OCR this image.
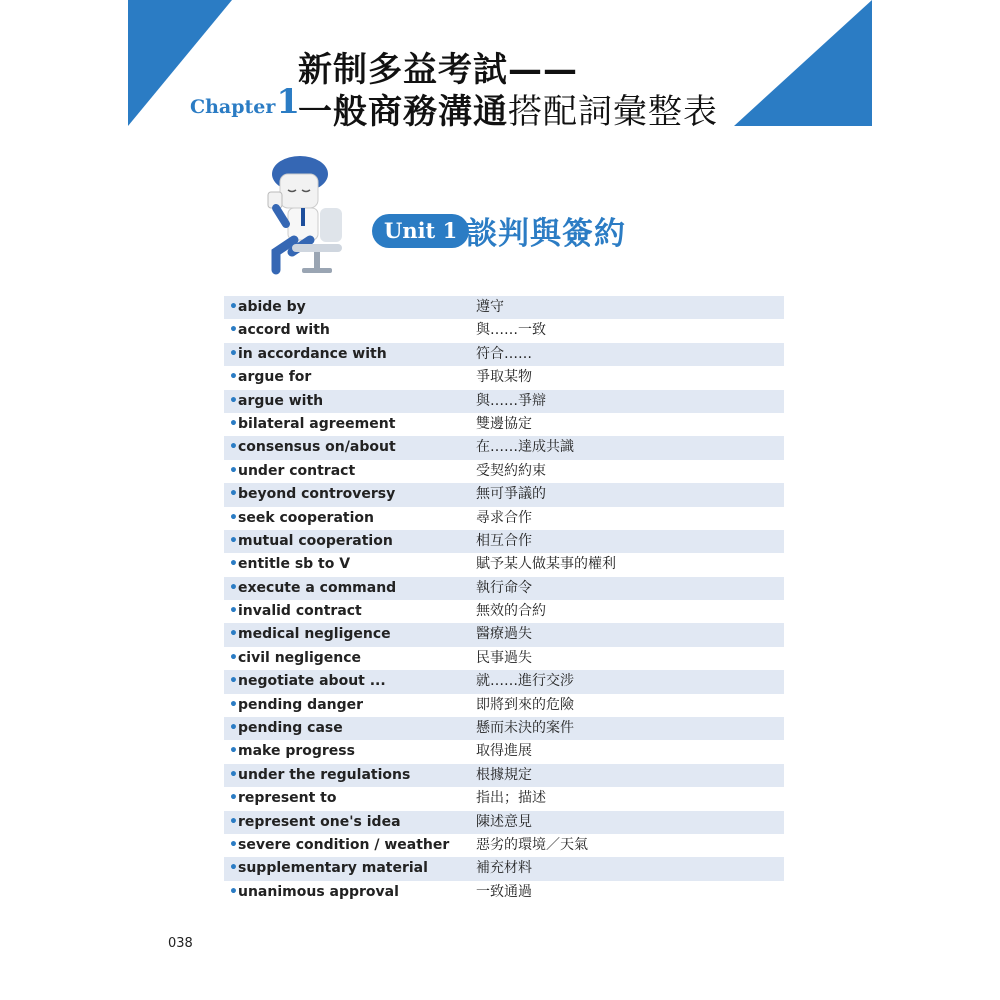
Chapter1
新制多益考試——
一般商務溝通搭配詞彙整表
Unit 1 談判與簽約
• abide by	遵守
• accord with	與……一致
• in accordance with	符合……
• argue for	爭取某物
• argue with	與……爭辯
• bilateral agreement	雙邊協定
• consensus on/about	在……達成共識
• under contract	受契約約束
• beyond controversy	無可爭議的
• seek cooperation	尋求合作
• mutual cooperation	相互合作
• entitle sb to V	賦予某人做某事的權利
• execute a command	執行命令
• invalid contract	無效的合約
• medical negligence	醫療過失
• civil negligence	民事過失
• negotiate about ...	就……進行交涉
• pending danger	即將到來的危險
• pending case	懸而未決的案件
• make progress	取得進展
• under the regulations	根據規定
• represent to	指出；描述
• represent one's idea	陳述意見
• severe condition / weather 惡劣的環境／天氣
• supplementary material	補充材料
• unanimous approval	一致通過
038
